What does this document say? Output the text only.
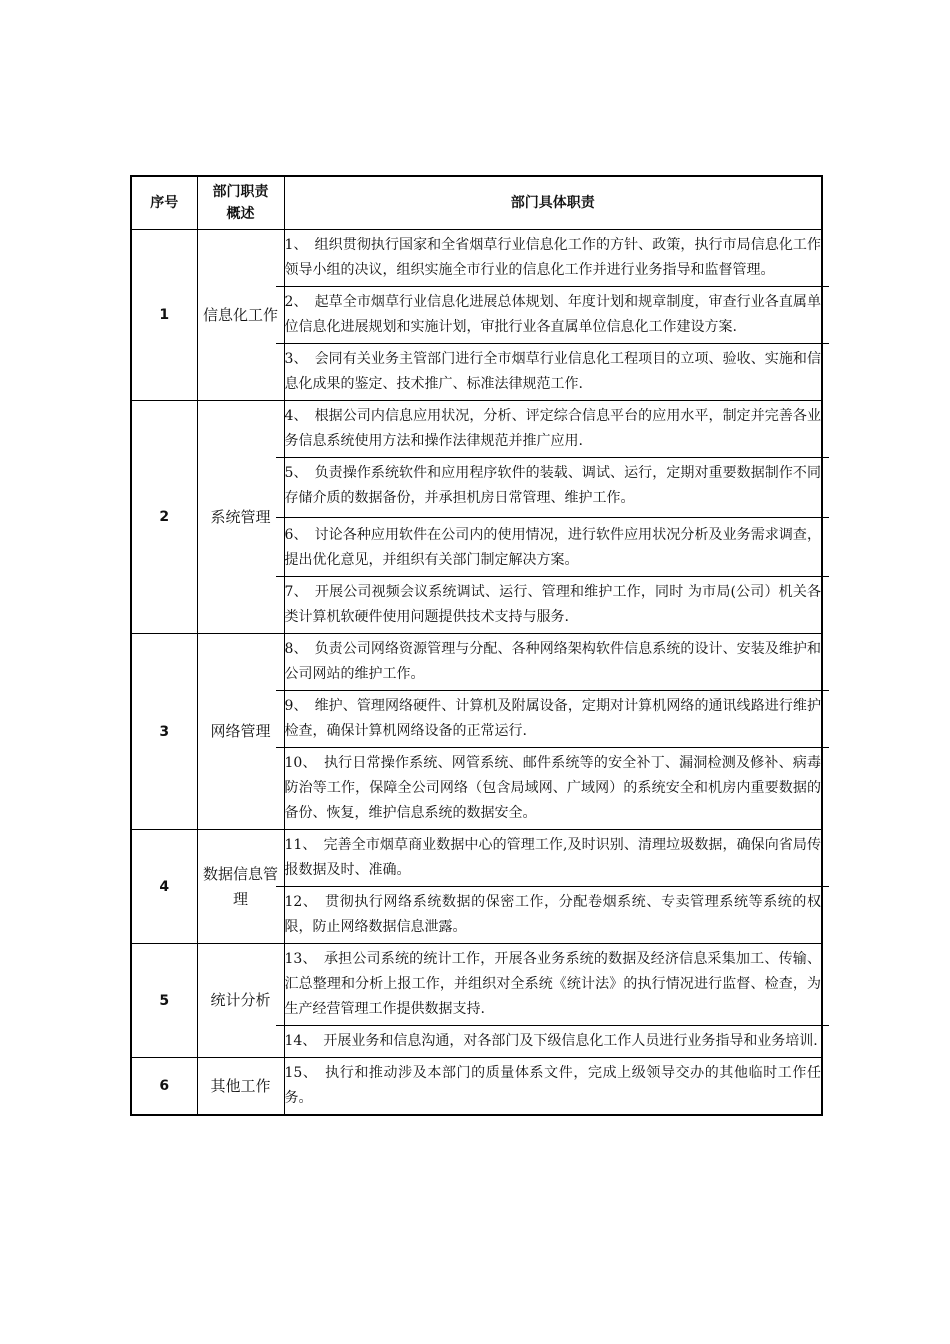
序号	部门职责概述	部门具体职责
1	信息化工作	1、　组织贯彻执行国家和全省烟草行业信息化工作的方针、政策，执行市局信息化工作领导小组的决议，组织实施全市行业的信息化工作并进行业务指导和监督管理。
2、　起草全市烟草行业信息化进展总体规划、年度计划和规章制度，审查行业各直属单位信息化进展规划和实施计划，审批行业各直属单位信息化工作建设方案.
3、　会同有关业务主管部门进行全市烟草行业信息化工程项目的立项、验收、实施和信息化成果的鉴定、技术推广、标准法律规范工作.

2	系统管理	4、　根据公司内信息应用状况，分析、评定综合信息平台的应用水平，制定并完善各业务信息系统使用方法和操作法律规范并推广应用.
5、　负责操作系统软件和应用程序软件的装载、调试、运行，定期对重要数据制作不同存储介质的数据备份，并承担机房日常管理、维护工作。
6、　讨论各种应用软件在公司内的使用情况，进行软件应用状况分析及业务需求调查，提出优化意见，并组织有关部门制定解决方案。
7、　开展公司视频会议系统调试、运行、管理和维护工作，同时 为市局(公司）机关各类计算机软硬件使用问题提供技术支持与服务.

3	网络管理	8、　负责公司网络资源管理与分配、各种网络架构软件信息系统的设计、安装及维护和公司网站的维护工作。
9、　维护、管理网络硬件、计算机及附属设备，定期对计算机网络的通讯线路进行维护检查，确保计算机网络设备的正常运行.
10、　执行日常操作系统、网管系统、邮件系统等的安全补丁、漏洞检测及修补、病毒防治等工作，保障全公司网络（包含局域网、广域网）的系统安全和机房内重要数据的备份、恢复，维护信息系统的数据安全。

4	数据信息管理	11、　完善全市烟草商业数据中心的管理工作,及时识别、清理垃圾数据，确保向省局传报数据及时、准确。
12、　贯彻执行网络系统数据的保密工作，分配卷烟系统、专卖管理系统等系统的权限，防止网络数据信息泄露。

5	统计分析	13、　承担公司系统的统计工作，开展各业务系统的数据及经济信息采集加工、传输、汇总整理和分析上报工作，并组织对全系统《统计法》的执行情况进行监督、检查，为生产经营管理工作提供数据支持.
14、　开展业务和信息沟通，对各部门及下级信息化工作人员进行业务指导和业务培训.

6	其他工作	15、　执行和推动涉及本部门的质量体系文件，完成上级领导交办的其他临时工作任务。
